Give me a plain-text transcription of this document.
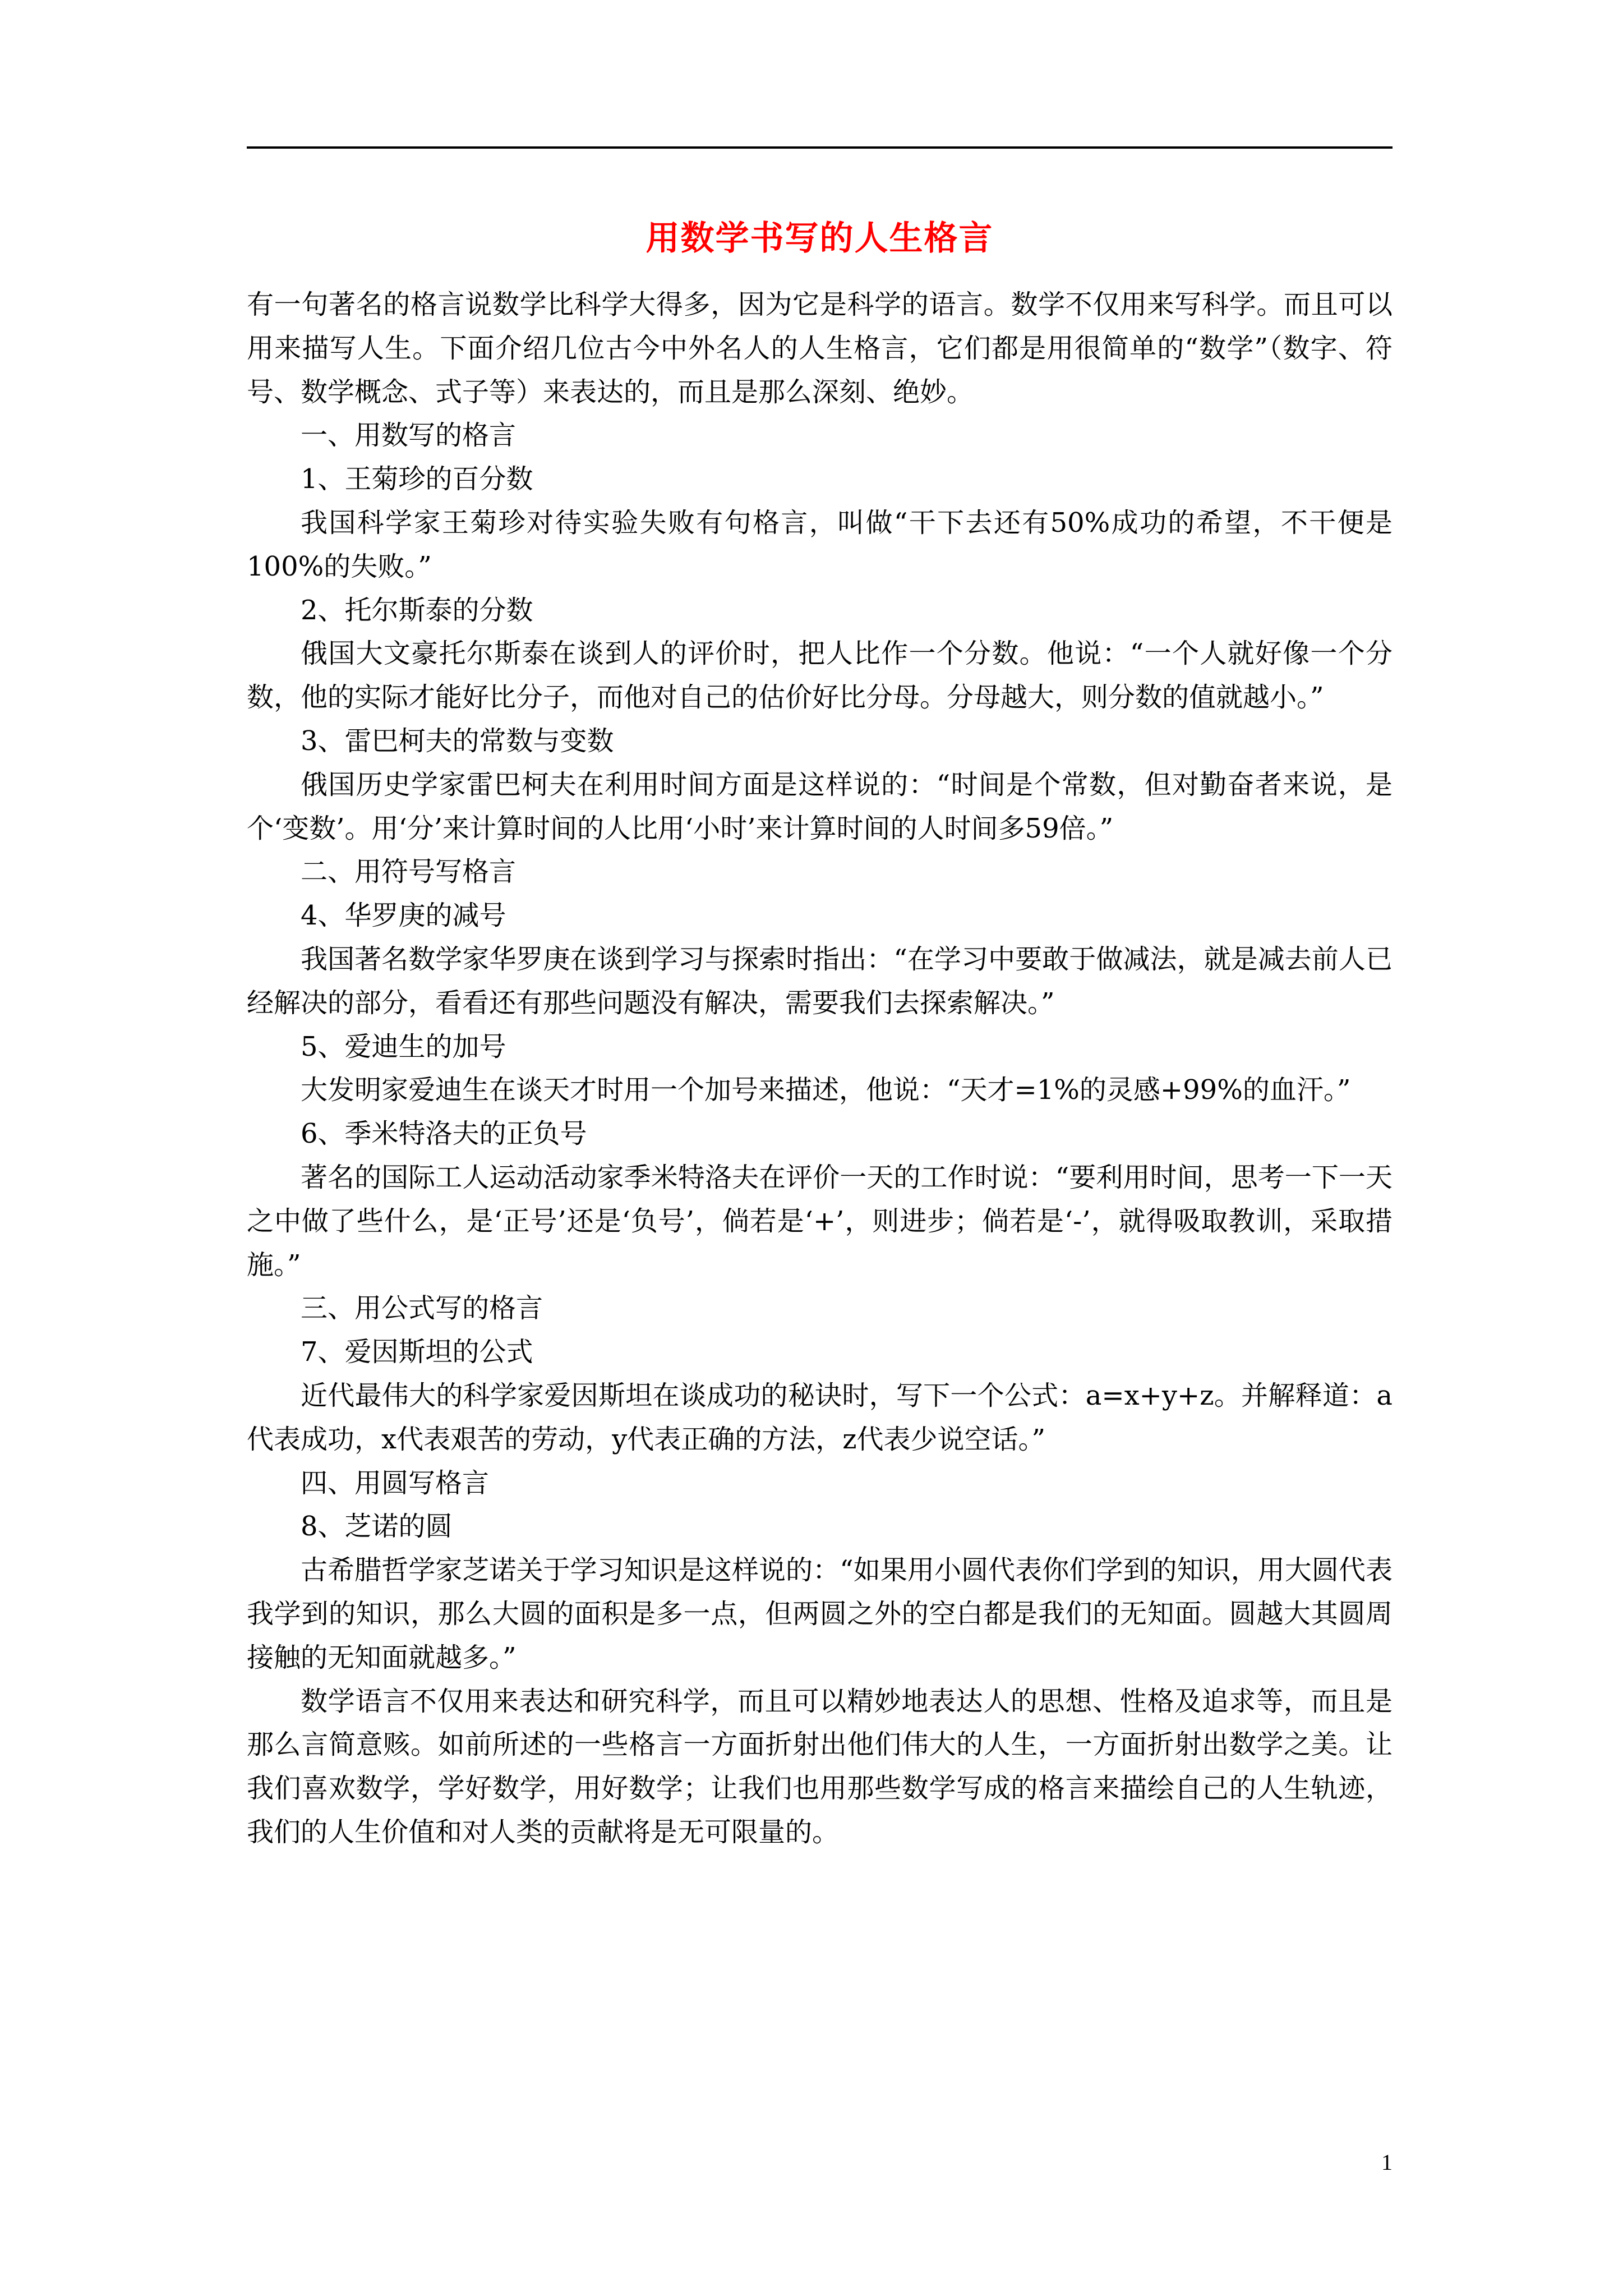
用数学书写的人生格言

有一句著名的格言说数学比科学大得多，因为它是科学的语言。数学不仅用来写科学。而且可以用来描写人生。下面介绍几位古今中外名人的人生格言，它们都是用很简单的“数学”（数字、符号、数学概念、式子等）来表达的，而且是那么深刻、绝妙。

一、用数写的格言

1、王菊珍的百分数

我国科学家王菊珍对待实验失败有句格言，叫做“干下去还有50%成功的希望，不干便是100%的失败。”

2、托尔斯泰的分数

俄国大文豪托尔斯泰在谈到人的评价时，把人比作一个分数。他说：“一个人就好像一个分数，他的实际才能好比分子，而他对自己的估价好比分母。分母越大，则分数的值就越小。”

3、雷巴柯夫的常数与变数

俄国历史学家雷巴柯夫在利用时间方面是这样说的：“时间是个常数，但对勤奋者来说，是个‘变数’。用‘分’来计算时间的人比用‘小时’来计算时间的人时间多59倍。”

二、用符号写格言

4、华罗庚的减号

我国著名数学家华罗庚在谈到学习与探索时指出：“在学习中要敢于做减法，就是减去前人已经解决的部分，看看还有那些问题没有解决，需要我们去探索解决。”

5、爱迪生的加号

大发明家爱迪生在谈天才时用一个加号来描述，他说：“天才=1%的灵感+99%的血汗。”

6、季米特洛夫的正负号

著名的国际工人运动活动家季米特洛夫在评价一天的工作时说：“要利用时间，思考一下一天之中做了些什么，是‘正号’还是‘负号’，倘若是‘+’，则进步；倘若是‘-’，就得吸取教训，采取措施。”

三、用公式写的格言

7、爱因斯坦的公式

近代最伟大的科学家爱因斯坦在谈成功的秘诀时，写下一个公式：a=x+y+z。并解释道：a代表成功，x代表艰苦的劳动，y代表正确的方法，z代表少说空话。”

四、用圆写格言

8、芝诺的圆

古希腊哲学家芝诺关于学习知识是这样说的：“如果用小圆代表你们学到的知识，用大圆代表我学到的知识，那么大圆的面积是多一点，但两圆之外的空白都是我们的无知面。圆越大其圆周接触的无知面就越多。”

数学语言不仅用来表达和研究科学，而且可以精妙地表达人的思想、性格及追求等，而且是那么言简意赅。如前所述的一些格言一方面折射出他们伟大的人生，一方面折射出数学之美。让我们喜欢数学，学好数学，用好数学；让我们也用那些数学写成的格言来描绘自己的人生轨迹，我们的人生价值和对人类的贡献将是无可限量的。

1
